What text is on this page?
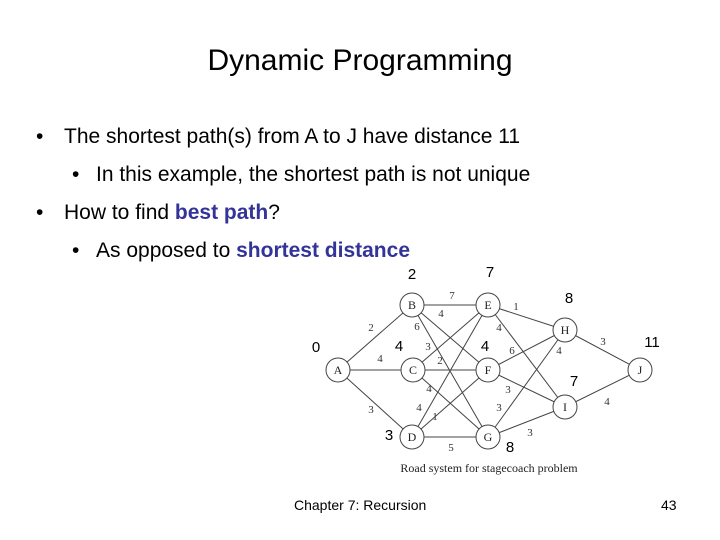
Dynamic Programming
• The shortest path(s) from A to J have distance 11
• In this example, the shortest path is not unique
• How to find best path?
• As opposed to shortest distance
2
4
3
7
4
6
3
2
4
4
1
5
1
4
6
3
3
3
4
3
4
A
B
C
D
E
F
G
H
I
J
0
2
4
3
7
4
8
8
7
11
Road system for stagecoach problem
Chapter 7: Recursion	43
